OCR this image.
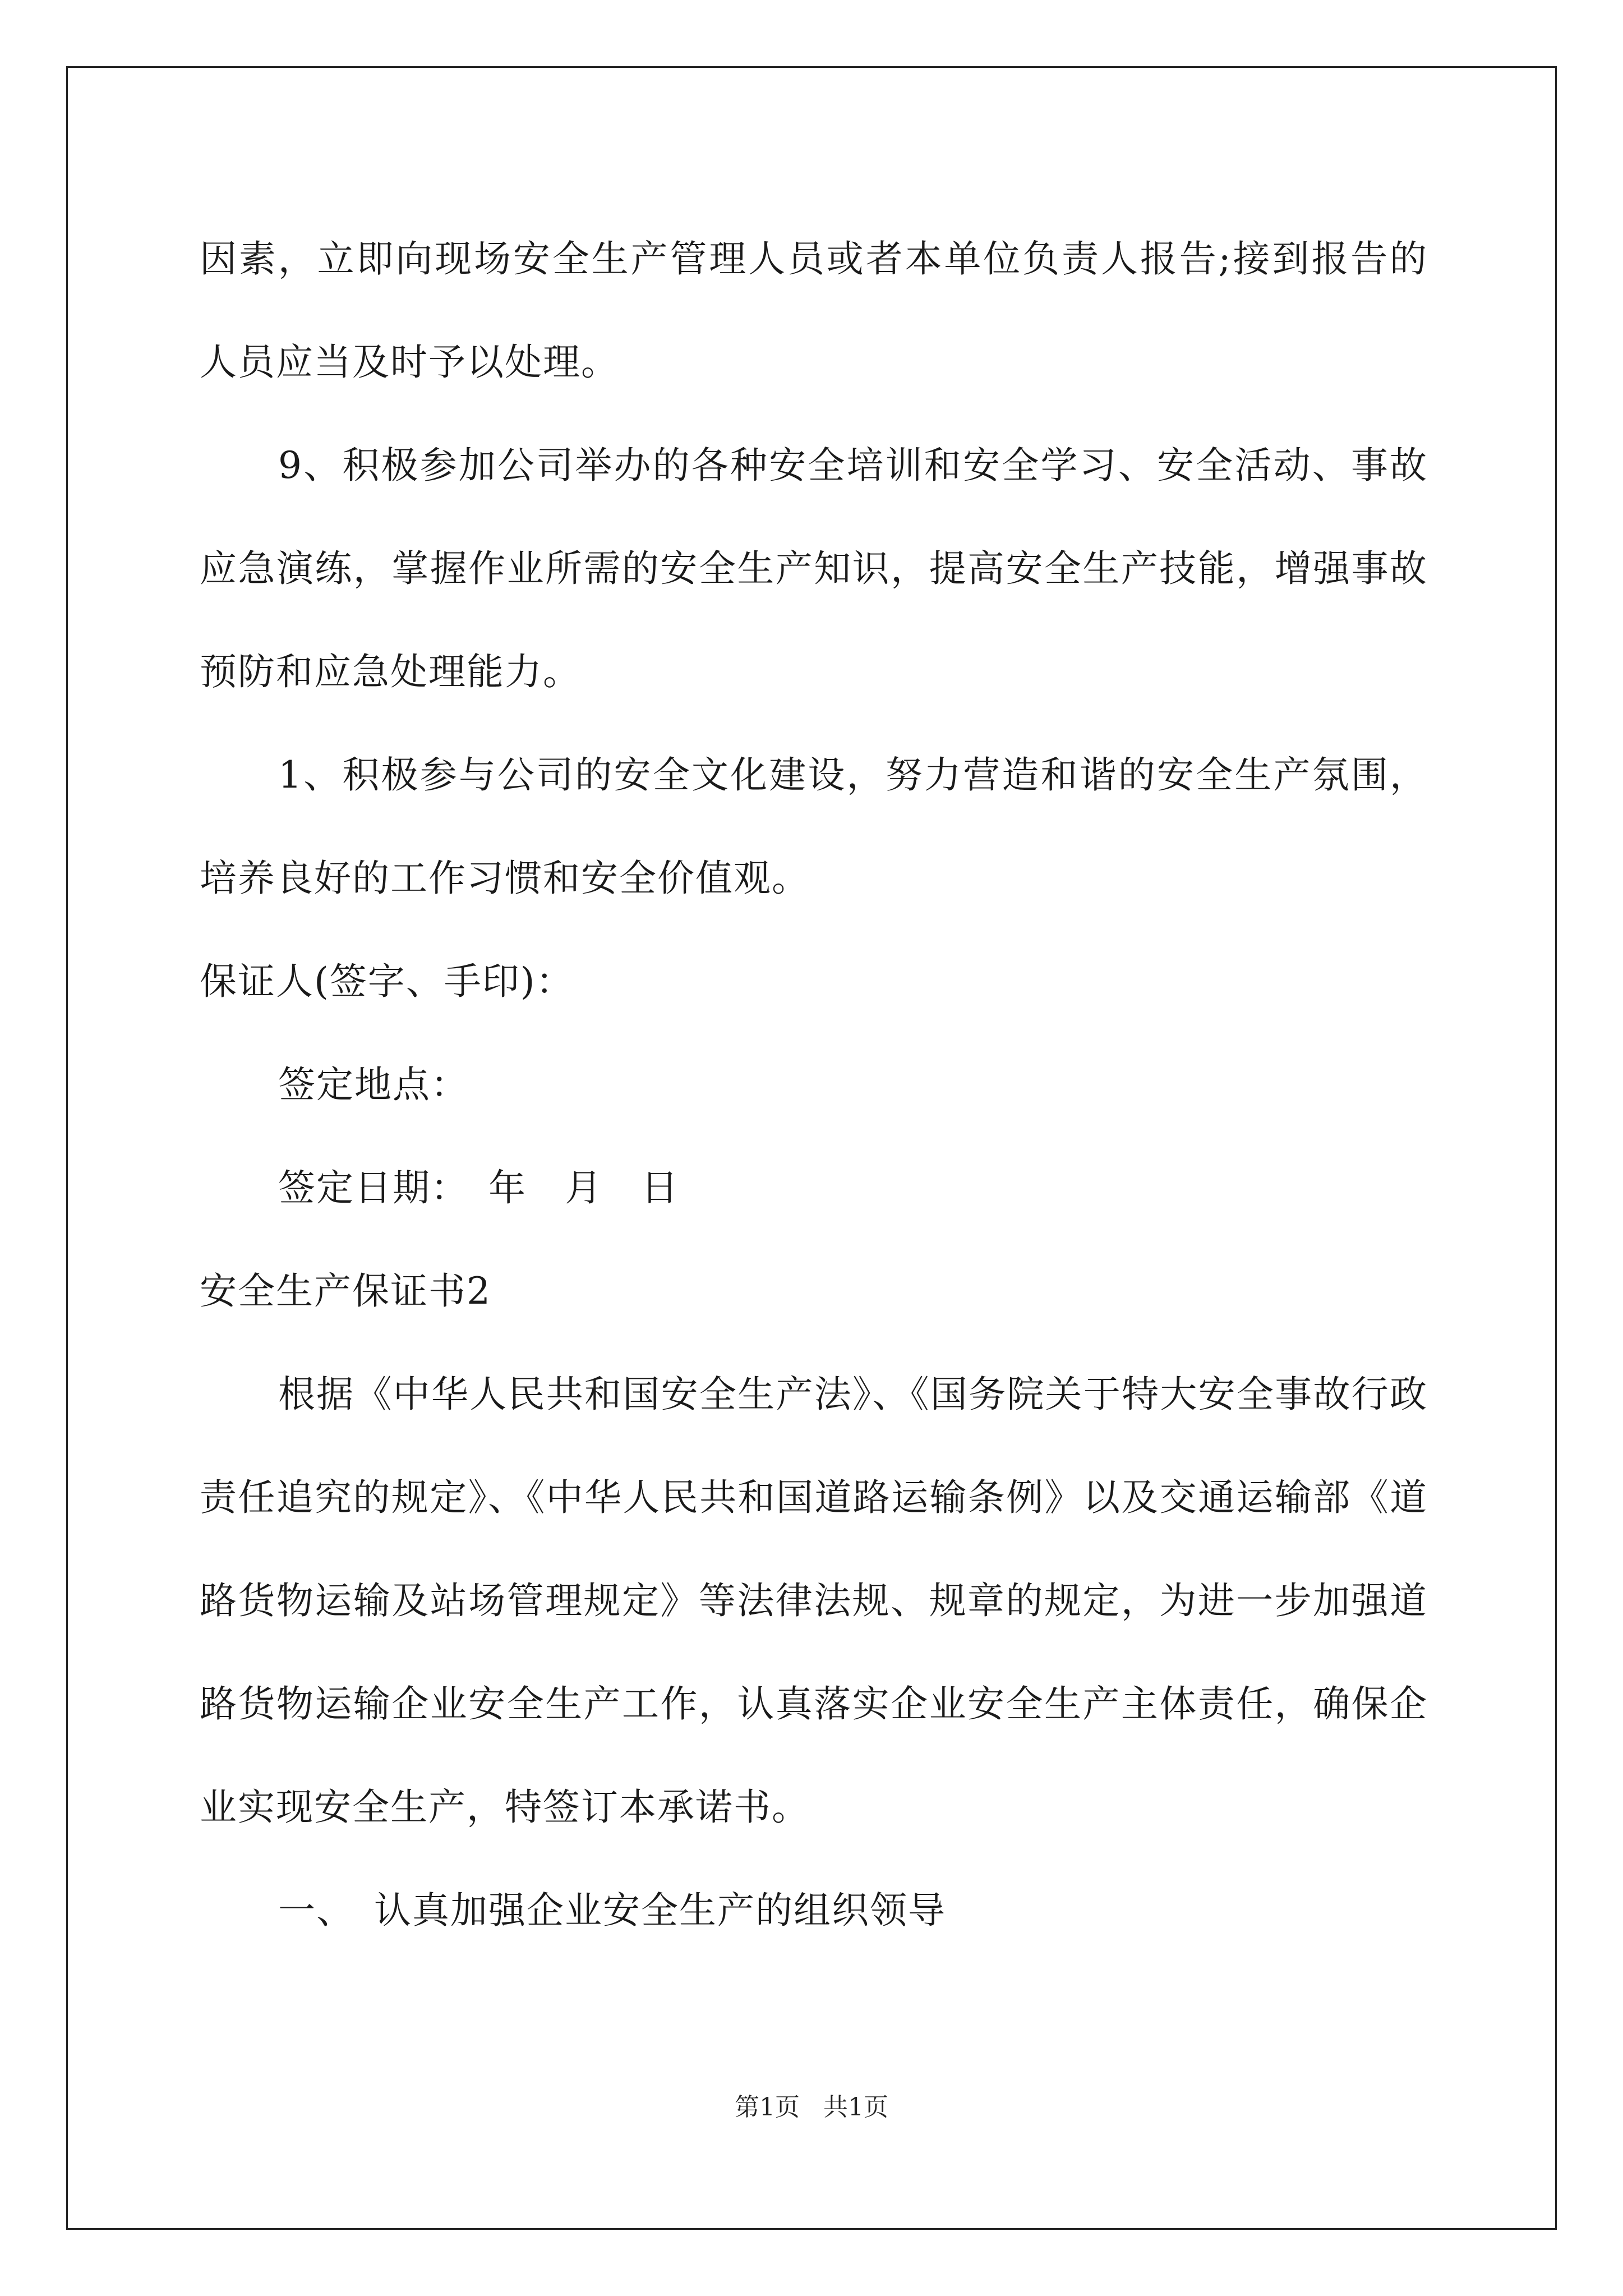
因素，立即向现场安全生产管理人员或者本单位负责人报告;接到报告的人员应当及时予以处理。

9、积极参加公司举办的各种安全培训和安全学习、安全活动、事故应急演练，掌握作业所需的安全生产知识，提高安全生产技能，增强事故预防和应急处理能力。

1、积极参与公司的安全文化建设，努力营造和谐的安全生产氛围，培养良好的工作习惯和安全价值观。

保证人(签字、手印)：

签定地点：

签定日期：　年　月　日

安全生产保证书2

根据《中华人民共和国安全生产法》、《国务院关于特大安全事故行政责任追究的规定》、《中华人民共和国道路运输条例》以及交通运输部《道路货物运输及站场管理规定》等法律法规、规章的规定，为进一步加强道路货物运输企业安全生产工作，认真落实企业安全生产主体责任，确保企业实现安全生产，特签订本承诺书。

一、　认真加强企业安全生产的组织领导

第1页 共1页
